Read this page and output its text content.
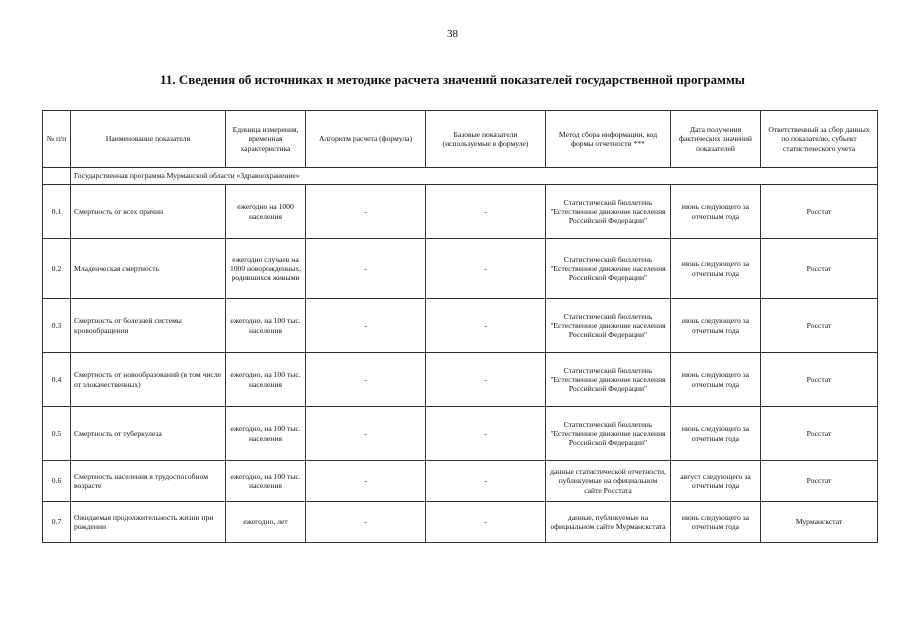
38
11. Сведения об источниках и методике расчета значений показателей государственной программы
№ п/п	Наименование показателя	Единица измерения, временная характеристика	Алгоритм расчета (формула)	Базовые показатели (используемые в формуле)	Метод сбора информации, код формы отчетности ***	Дата получения фактических значений показателей	Ответственный за сбор данных по показателю, субъект статистического учета
	Государственная программа Мурманской области «Здравоохранение»						
0.1	Смертность от всех причин	ежегодно на 1000 населения	-	-	Статистический бюллетень "Естественное движение населения Российской Федерации"	июнь следующего за отчетным года	Росстат
0.2	Младенческая смертность	ежегодно случаев на 1000 новорожденных, родившихся живыми	-	-	Статистический бюллетень "Естественное движение населения Российской Федерации"	июнь следующего за отчетным года	Росстат
0.3	Смертность от болезней системы кровообращения	ежегодно, на 100 тыс. населения	-	-	Статистический бюллетень "Естественное движение населения Российской Федерации"	июнь следующего за отчетным года	Росстат
0.4	Смертность от новообразований (в том числе от злокачественных)	ежегодно, на 100 тыс. населения	-	-	Статистический бюллетень "Естественное движение населения Российской Федерации"	июнь следующего за отчетным года	Росстат
0.5	Смертность от туберкулеза	ежегодно, на 100 тыс. населения	-	-	Статистический бюллетень "Естественное движение населения Российской Федерации"	июнь следующего за отчетным года	Росстат
0.6	Смертность населения в трудоспособном возрасте	ежегодно, на 100 тыс. населения	-	-	данные статистической отчетности, публикуемые на официальном сайте Росстата	август следующего за отчетным года	Росстат
0.7	Ожидаемая продолжительность жизни при рождении	ежегодно, лет	-	-	данные, публикуемые на официальном сайте Мурманскстата	июнь следующего за отчетным года	Мурманскстат
